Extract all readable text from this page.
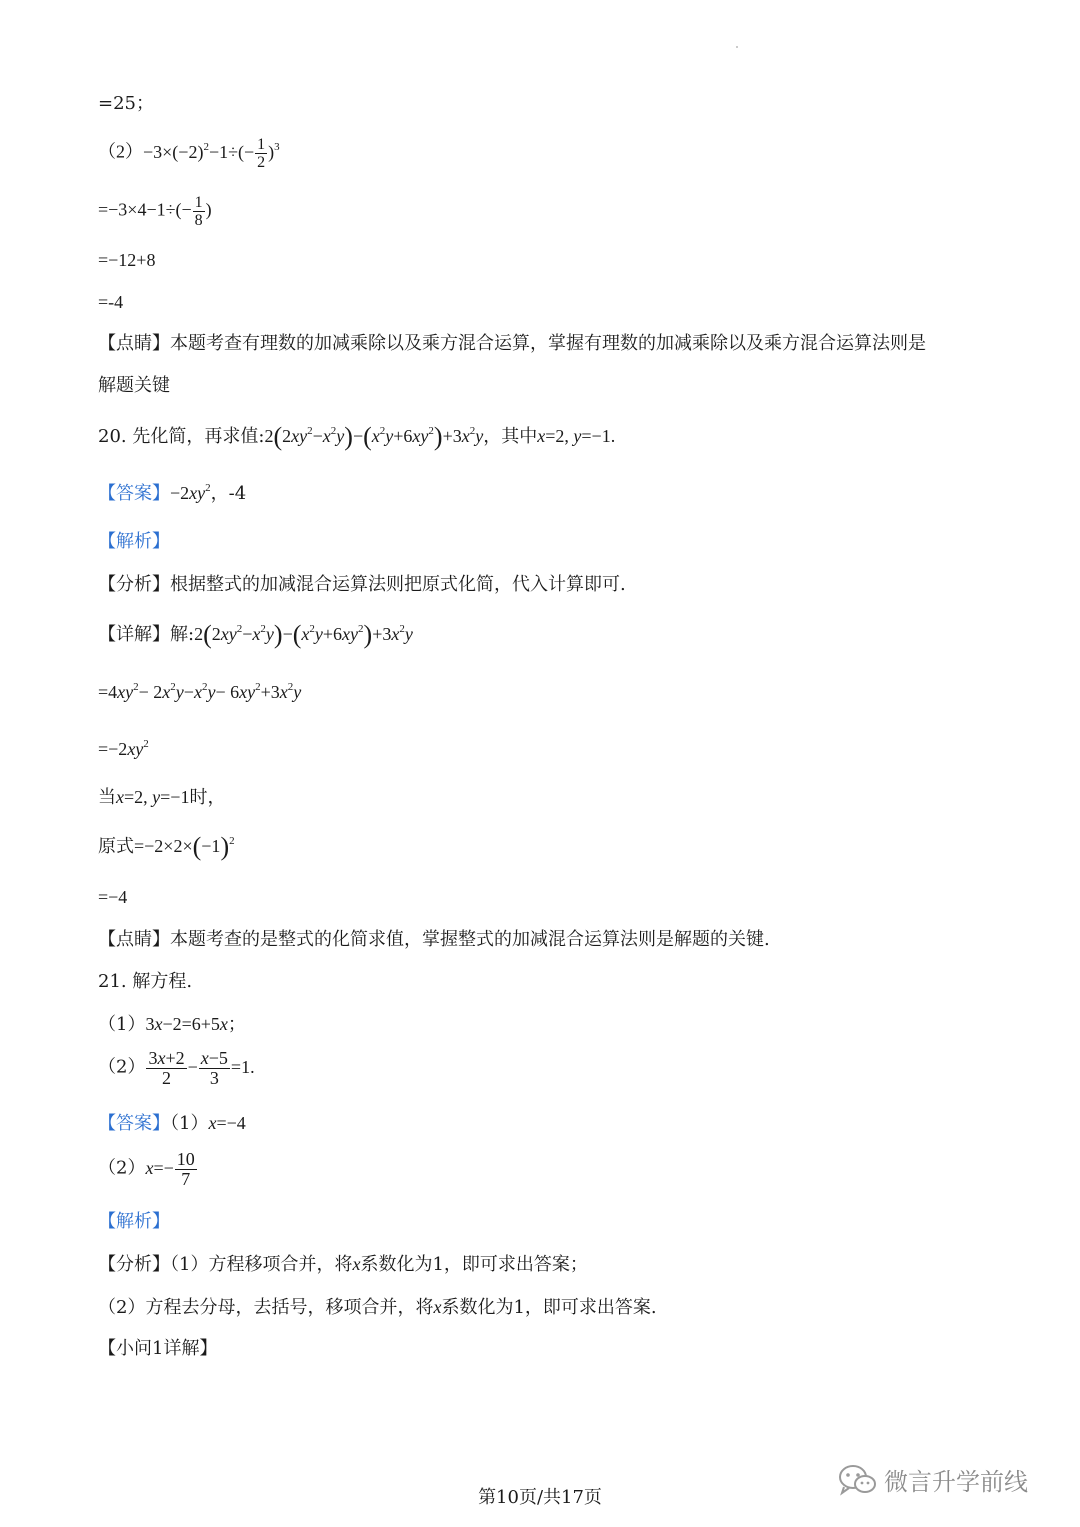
=25；
$(2)-3\times(-2)^2-1\div(- \frac{1}{2} )^3$
$=-3\times 4-1\div(- \frac{1}{8}$ )
=−12+8
=-4
【点睛】本题考查有理数的加减乘除以及乘方混合运算，掌握有理数的加减乘除以及乘方混合运算法则是
解题关键
20. 先化简，再求值$:2(2xy^2-x^2y)-(x^2y+6xy^2)+3x^2y$，其中x=2, y=−1.
【答案】$-2xy^2$，-4
【解析】
【分析】根据整式的加减混合运算法则把原式化简，代入计算即可.
【详解】解$:2(2xy^2-x^2y)-(x^2y+6xy^2)+3x^2y$
$=4xy^2- 2x^2y-x^2y- 6xy^2+3x^2y$
$=-2xy^2$
当x=2, y=−1时，
原式$=-2\times 2\times(-1)^2$
=−4
【点睛】本题考查的是整式的化简求值，掌握整式的加减混合运算法则是解题的关键.
21. 解方程.
（1）3x−2=6+5x；
$(2) \frac{3x+2}{2} - \frac{x-5}{3} =1$.
【答案】（1）x=−4
$(2)x=- \frac{10}{7}$
【解析】
【分析】（1）方程移项合并，将x系数化为1，即可求出答案；
（2）方程去分母，去括号，移项合并，将x系数化为1，即可求出答案.
【小问1详解】
第10页/共17页
微言升学前线
